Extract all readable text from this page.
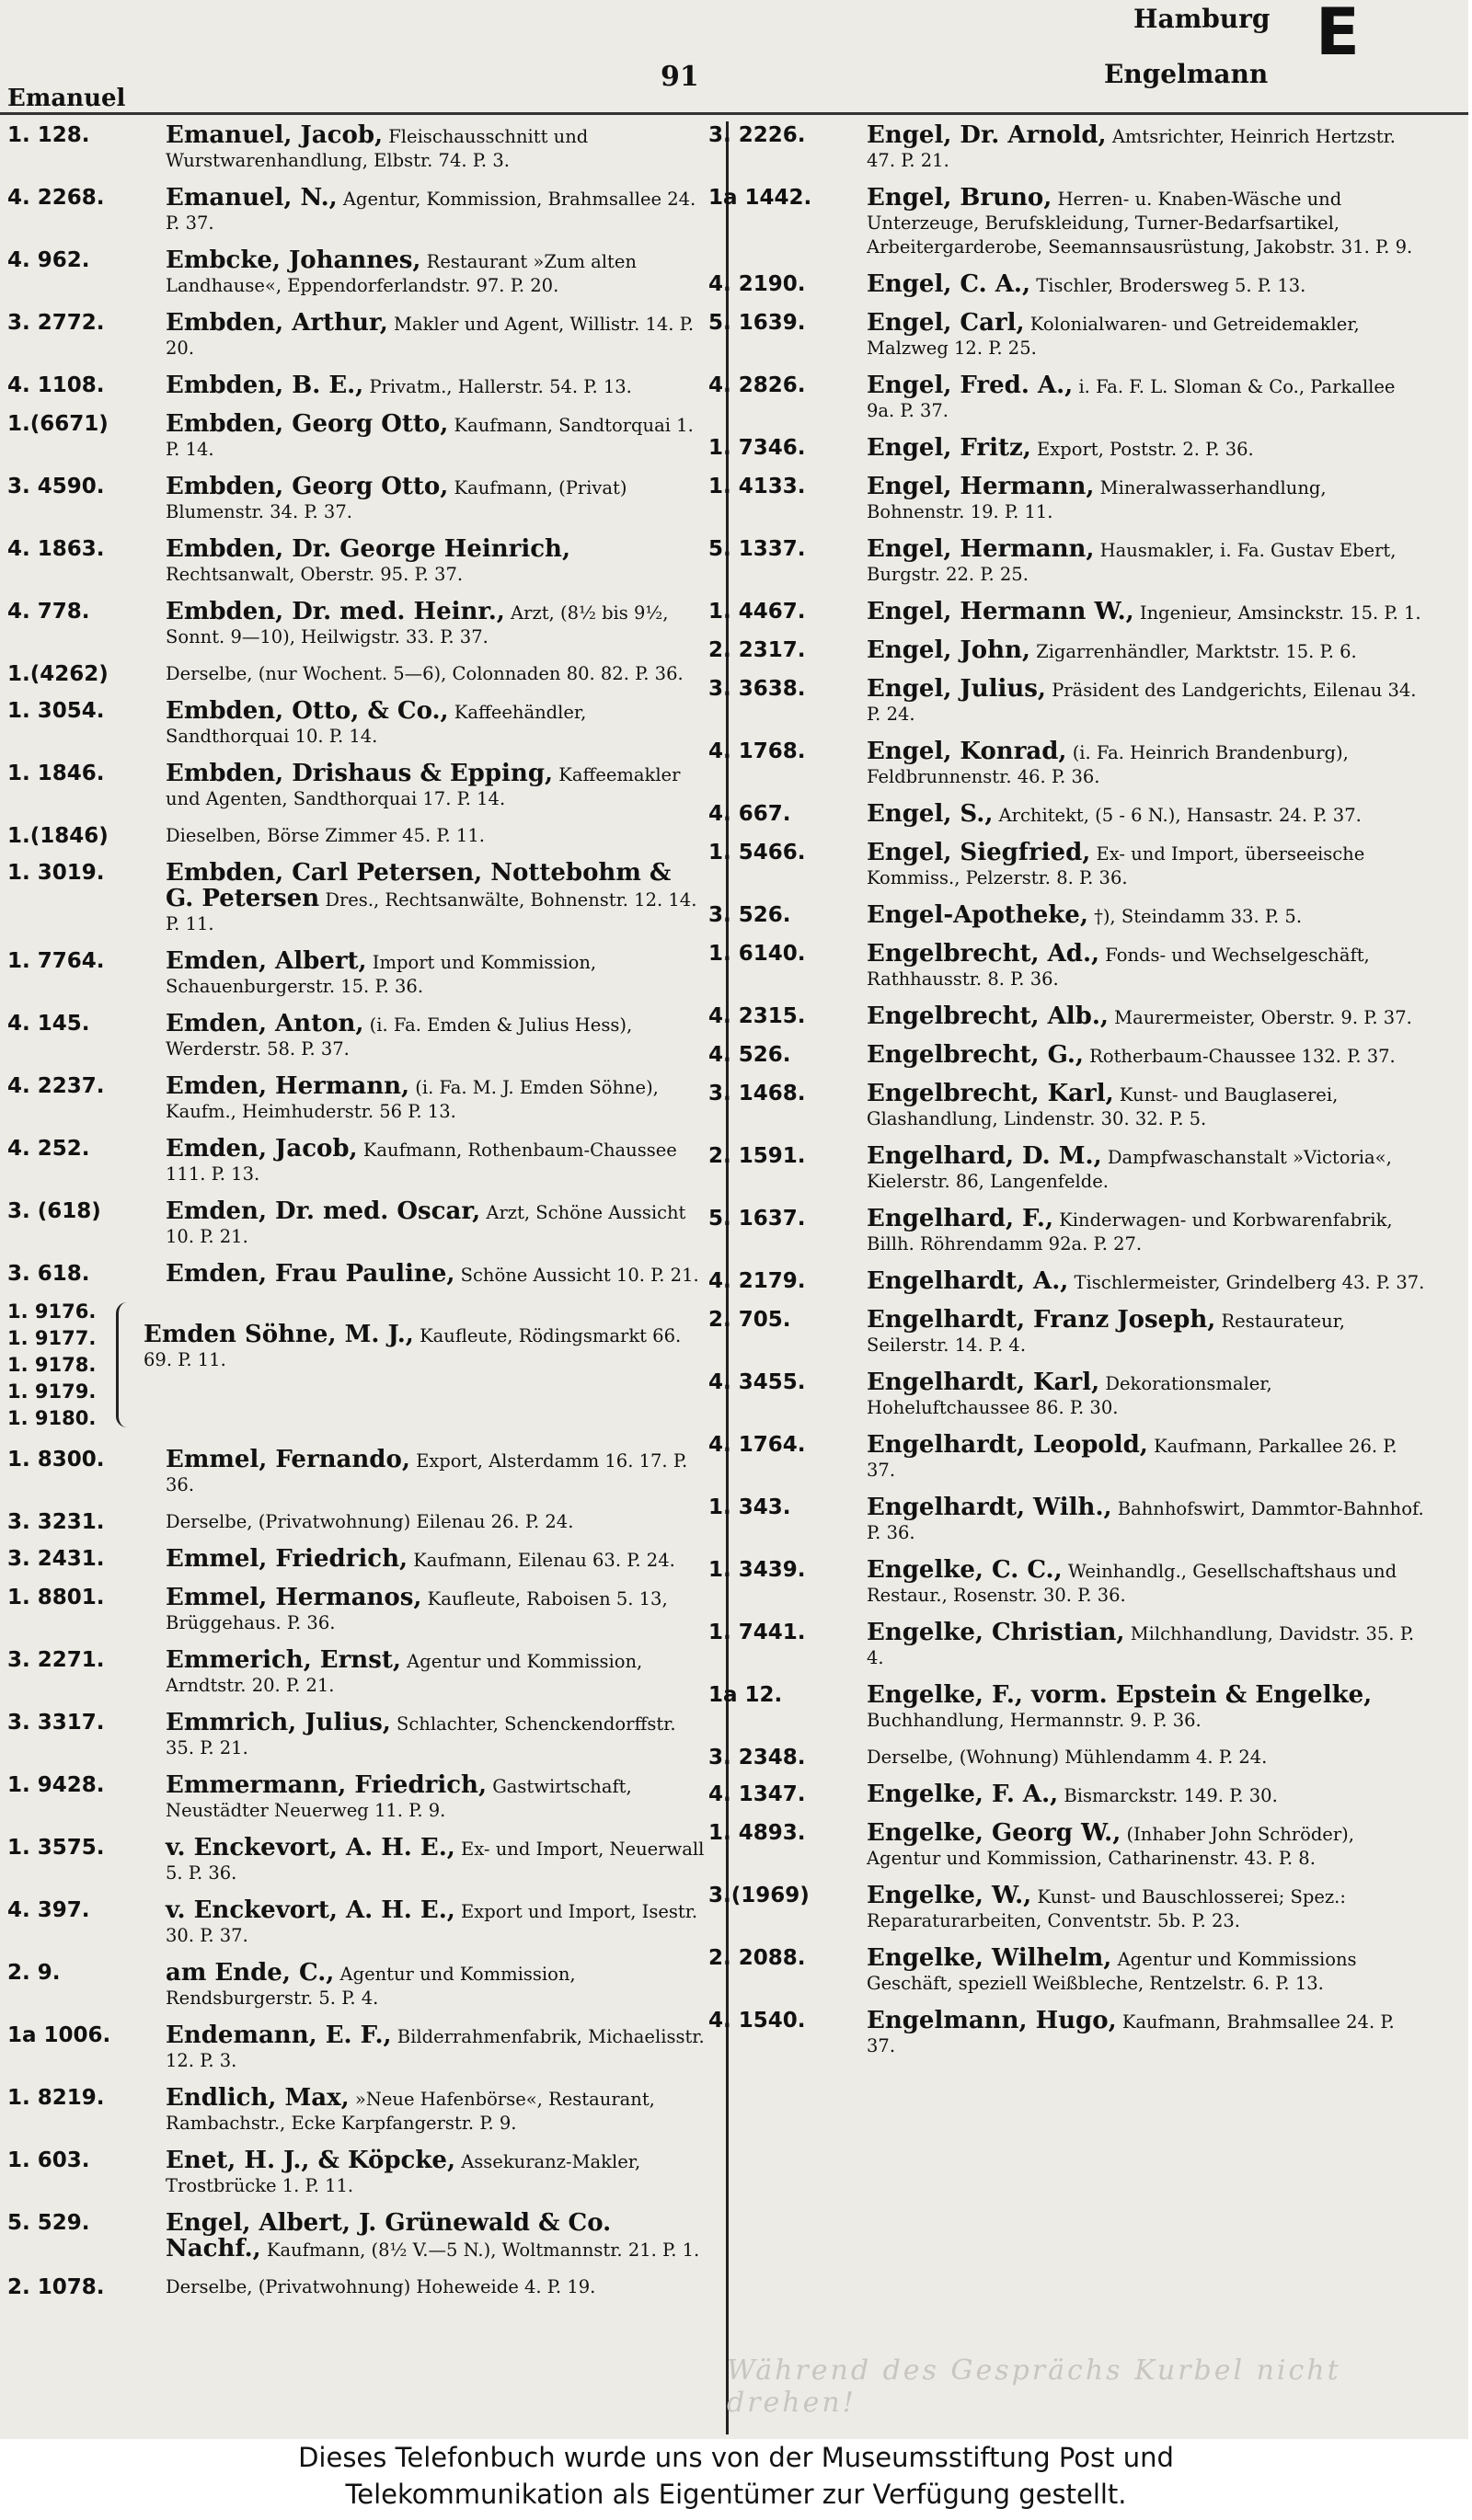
Emanuel
91
Hamburg
Engelmann
E
1. 128.	Emanuel, Jacob, Fleischausschnitt und Wurstwarenhandlung, Elbstr. 74. P. 3.
4. 2268.	Emanuel, N., Agentur, Kommission, Brahmsallee 24. P. 37.
4. 962.	Embcke, Johannes, Restaurant »Zum alten Landhause«, Eppendorferlandstr. 97. P. 20.
3. 2772.	Embden, Arthur, Makler und Agent, Willistr. 14. P. 20.
4. 1108.	Embden, B. E., Privatm., Hallerstr. 54. P. 13.
1.(6671)	Embden, Georg Otto, Kaufmann, Sandtorquai 1. P. 14.
3. 4590.	Embden, Georg Otto, Kaufmann, (Privat) Blumenstr. 34. P. 37.
4. 1863.	Embden, Dr. George Heinrich, Rechtsanwalt, Oberstr. 95. P. 37.
4. 778.	Embden, Dr. med. Heinr., Arzt, (8½ bis 9½, Sonnt. 9—10), Heilwigstr. 33. P. 37.
1.(4262)	Derselbe, (nur Wochent. 5—6), Colonnaden 80. 82. P. 36.
1. 3054.	Embden, Otto, & Co., Kaffeehändler, Sandthorquai 10. P. 14.
1. 1846.	Embden, Drishaus & Epping, Kaffeemakler und Agenten, Sandthorquai 17. P. 14.
1.(1846)	Dieselben, Börse Zimmer 45. P. 11.
1. 3019.	Embden, Carl Petersen, Nottebohm & G. Petersen Dres., Rechtsanwälte, Bohnenstr. 12. 14. P. 11.
1. 7764.	Emden, Albert, Import und Kommission, Schauenburgerstr. 15. P. 36.
4. 145.	Emden, Anton, (i. Fa. Emden & Julius Hess), Werderstr. 58. P. 37.
4. 2237.	Emden, Hermann, (i. Fa. M. J. Emden Söhne), Kaufm., Heimhuderstr. 56 P. 13.
4. 252.	Emden, Jacob, Kaufmann, Rothenbaum-Chaussee 111. P. 13.
3. (618)	Emden, Dr. med. Oscar, Arzt, Schöne Aussicht 10. P. 21.
3. 618.	Emden, Frau Pauline, Schöne Aussicht 10. P. 21.
1. 9176.
1. 9177.
1. 9178.
1. 9179.
1. 9180.
Emden Söhne, M. J., Kaufleute, Rödingsmarkt 66. 69. P. 11.
1. 8300.	Emmel, Fernando, Export, Alsterdamm 16. 17. P. 36.
3. 3231.	Derselbe, (Privatwohnung) Eilenau 26. P. 24.
3. 2431.	Emmel, Friedrich, Kaufmann, Eilenau 63. P. 24.
1. 8801.	Emmel, Hermanos, Kaufleute, Raboisen 5. 13, Brüggehaus. P. 36.
3. 2271.	Emmerich, Ernst, Agentur und Kommission, Arndtstr. 20. P. 21.
3. 3317.	Emmrich, Julius, Schlachter, Schenckendorffstr. 35. P. 21.
1. 9428.	Emmermann, Friedrich, Gastwirtschaft, Neustädter Neuerweg 11. P. 9.
1. 3575.	v. Enckevort, A. H. E., Ex- und Import, Neuerwall 5. P. 36.
4. 397.	v. Enckevort, A. H. E., Export und Import, Isestr. 30. P. 37.
2. 9.	am Ende, C., Agentur und Kommission, Rendsburgerstr. 5. P. 4.
1a 1006.	Endemann, E. F., Bilderrahmenfabrik, Michaelisstr. 12. P. 3.
1. 8219.	Endlich, Max, »Neue Hafenbörse«, Restaurant, Rambachstr., Ecke Karpfangerstr. P. 9.
1. 603.	Enet, H. J., & Köpcke, Assekuranz-Makler, Trostbrücke 1. P. 11.
5. 529.	Engel, Albert, J. Grünewald & Co. Nachf., Kaufmann, (8½ V.—5 N.), Woltmannstr. 21. P. 1.
2. 1078.	Derselbe, (Privatwohnung) Hoheweide 4. P. 19.
3. 2226.	Engel, Dr. Arnold, Amtsrichter, Heinrich Hertzstr. 47. P. 21.
1a 1442.	Engel, Bruno, Herren- u. Knaben-Wäsche und Unterzeuge, Berufskleidung, Turner-Bedarfsartikel, Arbeitergarderobe, Seemannsausrüstung, Jakobstr. 31. P. 9.
4. 2190.	Engel, C. A., Tischler, Brodersweg 5. P. 13.
5. 1639.	Engel, Carl, Kolonialwaren- und Getreidemakler, Malzweg 12. P. 25.
4. 2826.	Engel, Fred. A., i. Fa. F. L. Sloman & Co., Parkallee 9a. P. 37.
1. 7346.	Engel, Fritz, Export, Poststr. 2. P. 36.
1. 4133.	Engel, Hermann, Mineralwasserhandlung, Bohnenstr. 19. P. 11.
5. 1337.	Engel, Hermann, Hausmakler, i. Fa. Gustav Ebert, Burgstr. 22. P. 25.
1. 4467.	Engel, Hermann W., Ingenieur, Amsinckstr. 15. P. 1.
2. 2317.	Engel, John, Zigarrenhändler, Marktstr. 15. P. 6.
3. 3638.	Engel, Julius, Präsident des Landgerichts, Eilenau 34. P. 24.
4. 1768.	Engel, Konrad, (i. Fa. Heinrich Brandenburg), Feldbrunnenstr. 46. P. 36.
4. 667.	Engel, S., Architekt, (5 - 6 N.), Hansastr. 24. P. 37.
1. 5466.	Engel, Siegfried, Ex- und Import, überseeische Kommiss., Pelzerstr. 8. P. 36.
3. 526.	Engel-Apotheke, †), Steindamm 33. P. 5.
1. 6140.	Engelbrecht, Ad., Fonds- und Wechselgeschäft, Rathhausstr. 8. P. 36.
4. 2315.	Engelbrecht, Alb., Maurermeister, Oberstr. 9. P. 37.
4. 526.	Engelbrecht, G., Rotherbaum-Chaussee 132. P. 37.
3. 1468.	Engelbrecht, Karl, Kunst- und Bauglaserei, Glashandlung, Lindenstr. 30. 32. P. 5.
2. 1591.	Engelhard, D. M., Dampfwaschanstalt »Victoria«, Kielerstr. 86, Langenfelde.
5. 1637.	Engelhard, F., Kinderwagen- und Korbwarenfabrik, Billh. Röhrendamm 92a. P. 27.
4. 2179.	Engelhardt, A., Tischlermeister, Grindelberg 43. P. 37.
2. 705.	Engelhardt, Franz Joseph, Restaurateur, Seilerstr. 14. P. 4.
4. 3455.	Engelhardt, Karl, Dekorationsmaler, Hoheluftchaussee 86. P. 30.
4. 1764.	Engelhardt, Leopold, Kaufmann, Parkallee 26. P. 37.
1. 343.	Engelhardt, Wilh., Bahnhofswirt, Dammtor-Bahnhof. P. 36.
1. 3439.	Engelke, C. C., Weinhandlg., Gesellschaftshaus und Restaur., Rosenstr. 30. P. 36.
1. 7441.	Engelke, Christian, Milchhandlung, Davidstr. 35. P. 4.
1a 12.	Engelke, F., vorm. Epstein & Engelke, Buchhandlung, Hermannstr. 9. P. 36.
3. 2348.	Derselbe, (Wohnung) Mühlendamm 4. P. 24.
4. 1347.	Engelke, F. A., Bismarckstr. 149. P. 30.
1. 4893.	Engelke, Georg W., (Inhaber John Schröder), Agentur und Kommission, Catharinenstr. 43. P. 8.
3.(1969)	Engelke, W., Kunst- und Bauschlosserei; Spez.: Reparaturarbeiten, Conventstr. 5b. P. 23.
2. 2088.	Engelke, Wilhelm, Agentur und Kommissions Geschäft, speziell Weißbleche, Rentzelstr. 6. P. 13.
4. 1540.	Engelmann, Hugo, Kaufmann, Brahmsallee 24. P. 37.
Während des Gesprächs Kurbel nicht drehen!
Dieses Telefonbuch wurde uns von der Museumsstiftung Post und
Telekommunikation als Eigentümer zur Verfügung gestellt.
